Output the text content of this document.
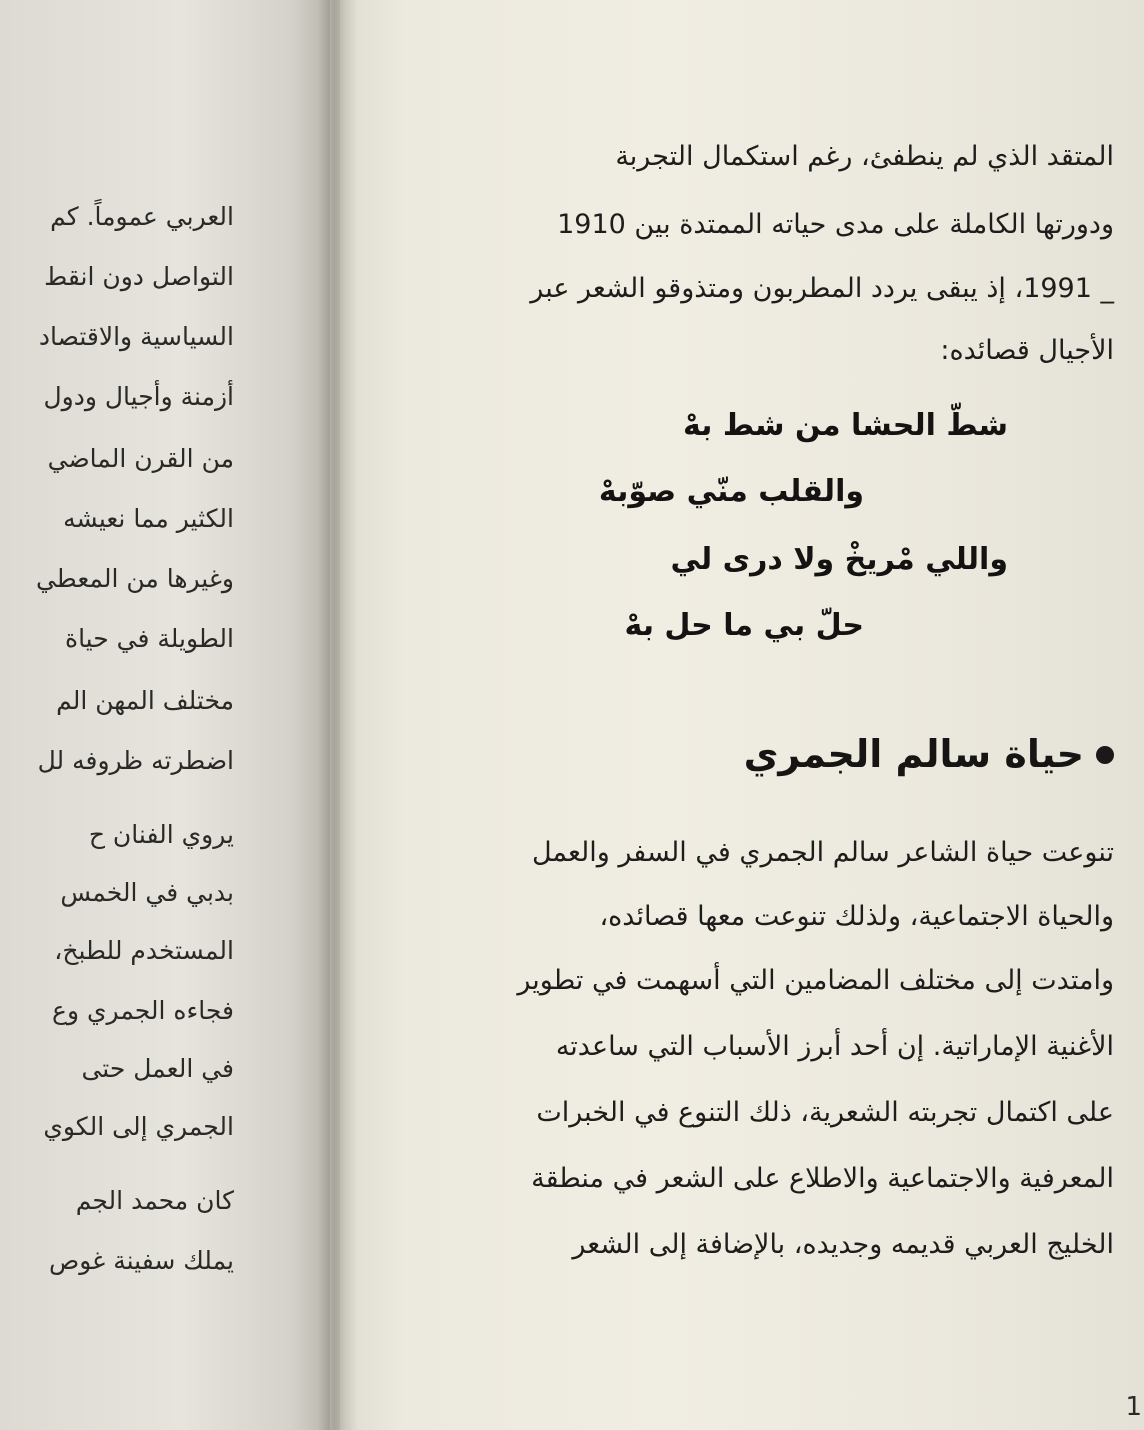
العربي عموماً. كم
التواصل دون انقط
السياسية والاقتصاد
أزمنة وأجيال ودول
من القرن الماضي
الكثير مما نعيشه
وغيرها من المعطي
الطويلة في حياة
مختلف المهن الم
اضطرته ظروفه لل
يروي الفنان ح
بدبي في الخمس
المستخدم للطبخ،
فجاءه الجمري وع
في العمل حتى
الجمري إلى الكوي
كان محمد الجم
يملك سفينة غوص
المتقد الذي لم ينطفئ، رغم استكمال التجربة
ودورتها الكاملة على مدى حياته الممتدة بين 1910
_ 1991، إذ يبقى يردد المطربون ومتذوقو الشعر عبر
الأجيال قصائده:
شطّ الحشا من شط بهْ
والقلب منّي صوّبهْ
واللي مْريخْ ولا درى لي
حلّ بي ما حل بهْ
حياة سالم الجمري
تنوعت حياة الشاعر سالم الجمري في السفر والعمل
والحياة الاجتماعية، ولذلك تنوعت معها قصائده،
وامتدت إلى مختلف المضامين التي أسهمت في تطوير
الأغنية الإماراتية. إن أحد أبرز الأسباب التي ساعدته
على اكتمال تجربته الشعرية، ذلك التنوع في الخبرات
المعرفية والاجتماعية والاطلاع على الشعر في منطقة
الخليج العربي قديمه وجديده، بالإضافة إلى الشعر
1
